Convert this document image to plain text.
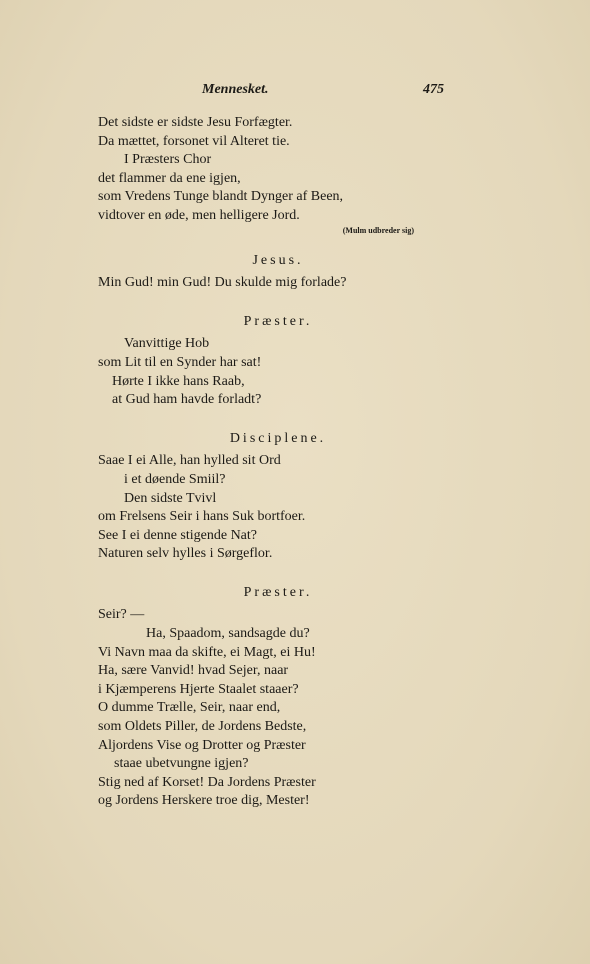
Mennesket.	475
Det sidste er sidste Jesu Forfægter.
Da mættet, forsonet vil Alteret tie.
I Præsters Chor
det flammer da ene igjen,
som Vredens Tunge blandt Dynger af Been,
vidtover en øde, men helligere Jord.
(Mulm udbreder sig)
Jesus.
Min Gud! min Gud! Du skulde mig forlade?
Præster.
Vanvittige Hob
som Lit til en Synder har sat!
Hørte I ikke hans Raab,
at Gud ham havde forladt?
Disciplene.
Saae I ei Alle, han hylled sit Ord
i et døende Smiil?
Den sidste Tvivl
om Frelsens Seir i hans Suk bortfoer.
See I ei denne stigende Nat?
Naturen selv hylles i Sørgeflor.
Præster.
Seir? —
Ha, Spaadom, sandsagde du?
Vi Navn maa da skifte, ei Magt, ei Hu!
Ha, sære Vanvid! hvad Sejer, naar
i Kjæmperens Hjerte Staalet staaer?
O dumme Trælle, Seir, naar end,
som Oldets Piller, de Jordens Bedste,
Aljordens Vise og Drotter og Præster
staae ubetvungne igjen?
Stig ned af Korset! Da Jordens Præster
og Jordens Herskere troe dig, Mester!
